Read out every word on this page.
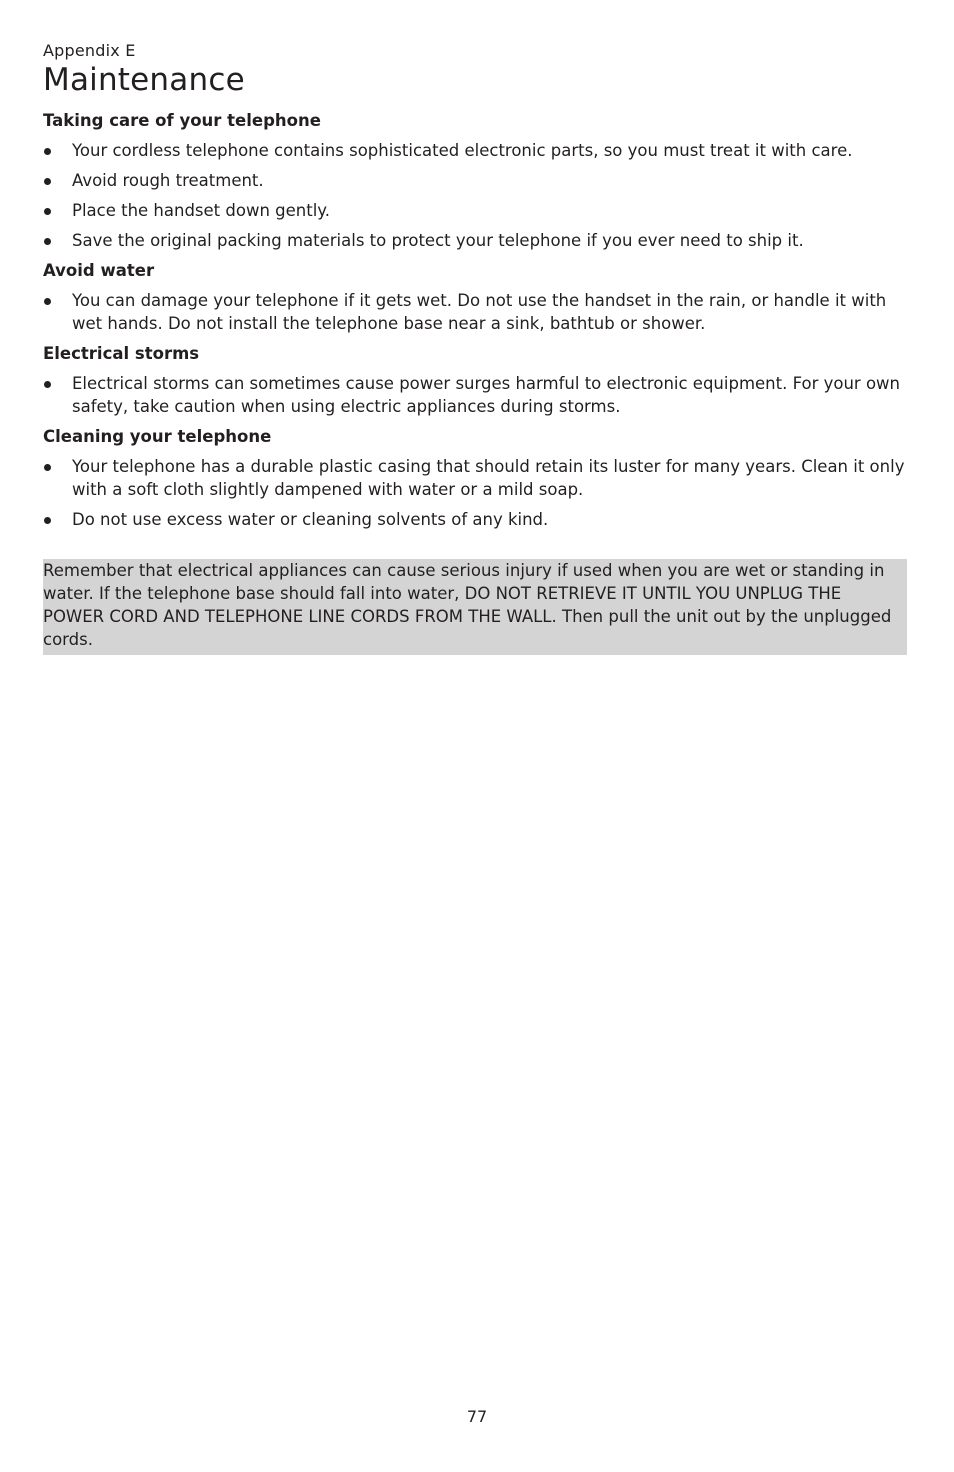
Appendix E
Maintenance
Taking care of your telephone
Your cordless telephone contains sophisticated electronic parts, so you must treat it with care.
Avoid rough treatment.
Place the handset down gently.
Save the original packing materials to protect your telephone if you ever need to ship it.
Avoid water
You can damage your telephone if it gets wet. Do not use the handset in the rain, or handle it with wet hands. Do not install the telephone base near a sink, bathtub or shower.
Electrical storms
Electrical storms can sometimes cause power surges harmful to electronic equipment. For your own safety, take caution when using electric appliances during storms.
Cleaning your telephone
Your telephone has a durable plastic casing that should retain its luster for many years. Clean it only with a soft cloth slightly dampened with water or a mild soap.
Do not use excess water or cleaning solvents of any kind.
Remember that electrical appliances can cause serious injury if used when you are wet or standing in water. If the telephone base should fall into water, DO NOT RETRIEVE IT UNTIL YOU UNPLUG THE POWER CORD AND TELEPHONE LINE CORDS FROM THE WALL. Then pull the unit out by the unplugged cords.
77
